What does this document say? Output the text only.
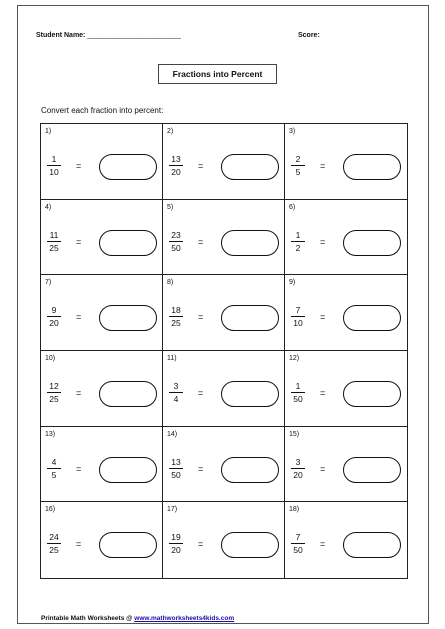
Student Name: ________________________	Score:
Fractions into Percent
Convert each fraction into percent:
1)
1
10
=
2)
13
20
=
3)
2
5
=
4)
11
25
=
5)
23
50
=
6)
1
2
=
7)
9
20
=
8)
18
25
=
9)
7
10
=
10)
12
25
=
11)
3
4
=
12)
1
50
=
13)
4
5
=
14)
13
50
=
15)
3
20
=
16)
24
25
=
17)
19
20
=
18)
7
50
=
Printable Math Worksheets @ www.mathworksheets4kids.com
